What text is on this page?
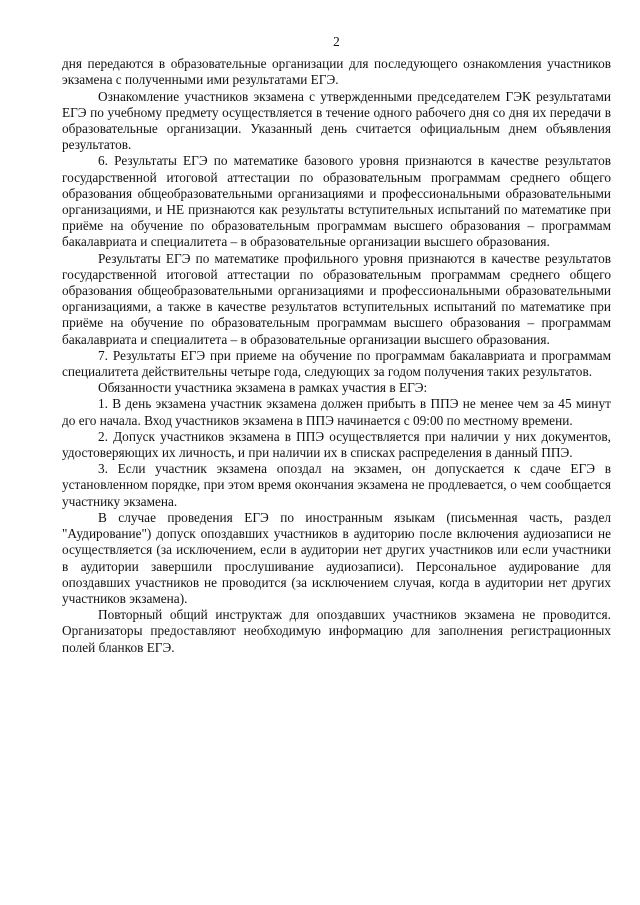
2

дня передаются в образовательные организации для последующего ознакомления участников экзамена с полученными ими результатами ЕГЭ.

Ознакомление участников экзамена с утвержденными председателем ГЭК результатами ЕГЭ по учебному предмету осуществляется в течение одного рабочего дня со дня их передачи в образовательные организации. Указанный день считается официальным днем объявления результатов.

6. Результаты ЕГЭ по математике базового уровня признаются в качестве результатов государственной итоговой аттестации по образовательным программам среднего общего образования общеобразовательными организациями и профессиональными образовательными организациями, и НЕ признаются как результаты вступительных испытаний по математике при приёме на обучение по образовательным программам высшего образования – программам бакалавриата и специалитета – в образовательные организации высшего образования.

Результаты ЕГЭ по математике профильного уровня признаются в качестве результатов государственной итоговой аттестации по образовательным программам среднего общего образования общеобразовательными организациями и профессиональными образовательными организациями, а также в качестве результатов вступительных испытаний по математике при приёме на обучение по образовательным программам высшего образования – программам бакалавриата и специалитета – в образовательные организации высшего образования.

7. Результаты ЕГЭ при приеме на обучение по программам бакалавриата и программам специалитета действительны четыре года, следующих за годом получения таких результатов.

Обязанности участника экзамена в рамках участия в ЕГЭ:

1. В день экзамена участник экзамена должен прибыть в ППЭ не менее чем за 45 минут до его начала. Вход участников экзамена в ППЭ начинается с 09:00 по местному времени.

2. Допуск участников экзамена в ППЭ осуществляется при наличии у них документов, удостоверяющих их личность, и при наличии их в списках распределения в данный ППЭ.

3. Если участник экзамена опоздал на экзамен, он допускается к сдаче ЕГЭ в установленном порядке, при этом время окончания экзамена не продлевается, о чем сообщается участнику экзамена.

В случае проведения ЕГЭ по иностранным языкам (письменная часть, раздел "Аудирование") допуск опоздавших участников в аудиторию после включения аудиозаписи не осуществляется (за исключением, если в аудитории нет других участников или если участники в аудитории завершили прослушивание аудиозаписи). Персональное аудирование для опоздавших участников не проводится (за исключением случая, когда в аудитории нет других участников экзамена).

Повторный общий инструктаж для опоздавших участников экзамена не проводится. Организаторы предоставляют необходимую информацию для заполнения регистрационных полей бланков ЕГЭ.
